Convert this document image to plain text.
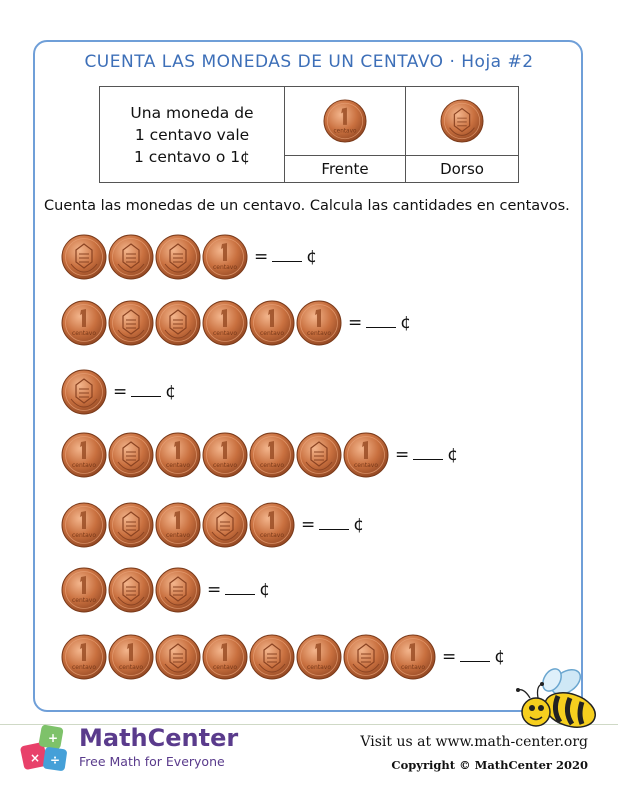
CUENTA LAS MONEDAS DE UN CENTAVO · Hoja #2
Una moneda de
1 centavo vale
1 centavo o 1¢

	Frente	Dorso
Cuenta las monedas de un centavo. Calcula las cantidades en centavos.
= ¢
= ¢
= ¢
= ¢
= ¢
= ¢
= ¢
×
+
÷
MathCenter
Free Math for Everyone
Visit us at www.math-center.org
Copyright © MathCenter 2020
